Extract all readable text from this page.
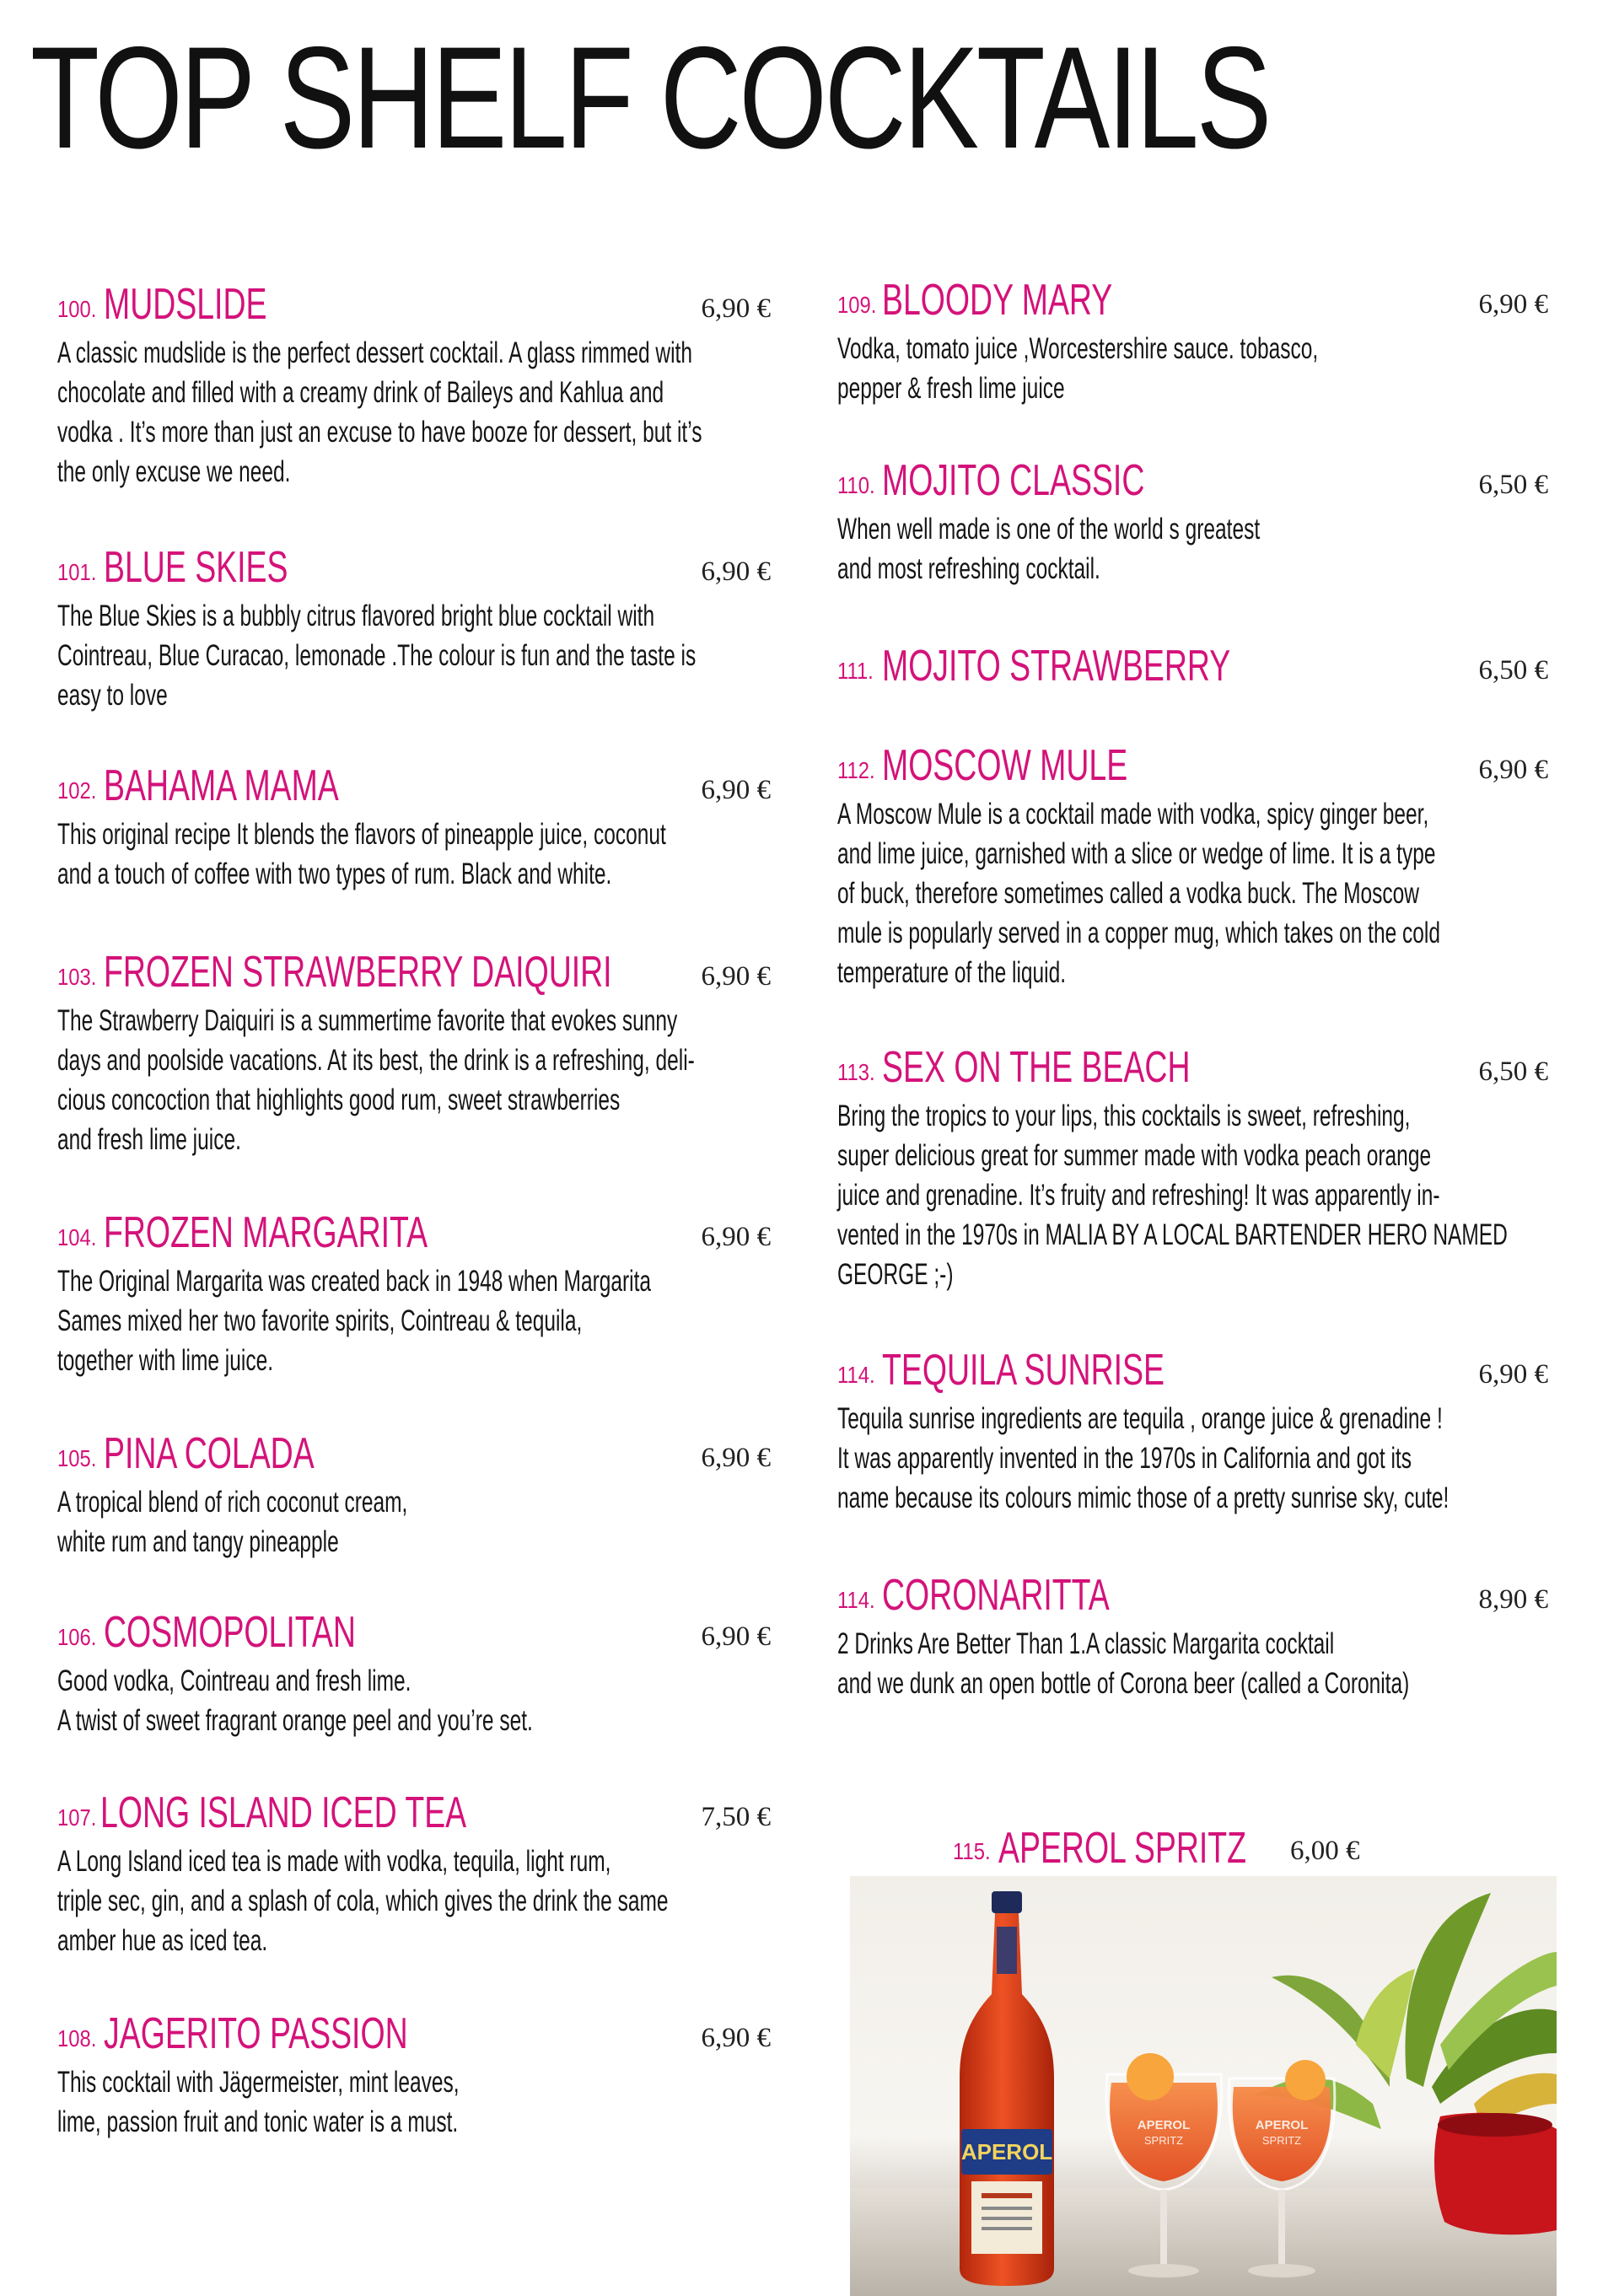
TOP SHELF COCKTAILS
100. MUDSLIDE	6,90 €
A classic mudslide is the perfect dessert cocktail. A glass rimmed with
chocolate and filled with a creamy drink of Baileys and Kahlua and
vodka . It’s more than just an excuse to have booze for dessert, but it’s
the only excuse we need.
101. BLUE SKIES	6,90 €
The Blue Skies is a bubbly citrus flavored bright blue cocktail with
Cointreau, Blue Curacao, lemonade .The colour is fun and the taste is
easy to love
102. BAHAMA MAMA	6,90 €
This original recipe It blends the flavors of pineapple juice, coconut
and a touch of coffee with two types of rum. Black and white.
103. FROZEN STRAWBERRY DAIQUIRI	6,90 €
The Strawberry Daiquiri is a summertime favorite that evokes sunny
days and poolside vacations. At its best, the drink is a refreshing, deli-
cious concoction that highlights good rum, sweet strawberries
and fresh lime juice.
104. FROZEN MARGARITA	6,90 €
The Original Margarita was created back in 1948 when Margarita
Sames mixed her two favorite spirits, Cointreau & tequila,
together with lime juice.
105. PINA COLADA	6,90 €
A tropical blend of rich coconut cream,
white rum and tangy pineapple
106. COSMOPOLITAN	6,90 €
Good vodka, Cointreau and fresh lime.
A twist of sweet fragrant orange peel and you’re set.
107. LONG ISLAND ICED TEA	7,50 €
A Long Island iced tea is made with vodka, tequila, light rum,
triple sec, gin, and a splash of cola, which gives the drink the same
amber hue as iced tea.
108. JAGERITO PASSION	6,90 €
This cocktail with Jägermeister, mint leaves,
lime, passion fruit and tonic water is a must.
109. BLOODY MARY	6,90 €
Vodka, tomato juice ,Worcestershire sauce. tobasco,
pepper & fresh lime juice
110. MOJITO CLASSIC	6,50 €
When well made is one of the world s greatest
and most refreshing cocktail.
111. MOJITO STRAWBERRY	6,50 €
112. MOSCOW MULE	6,90 €
A Moscow Mule is a cocktail made with vodka, spicy ginger beer,
and lime juice, garnished with a slice or wedge of lime. It is a type
of buck, therefore sometimes called a vodka buck. The Moscow
mule is popularly served in a copper mug, which takes on the cold
temperature of the liquid.
113. SEX ON THE BEACH	6,50 €
Bring the tropics to your lips, this cocktails is sweet, refreshing,
super delicious great for summer made with vodka peach orange
juice and grenadine. It’s fruity and refreshing! It was apparently in-
vented in the 1970s in MALIA BY A LOCAL BARTENDER HERO NAMED
GEORGE ;-)
114. TEQUILA SUNRISE	6,90 €
Tequila sunrise ingredients are tequila , orange juice & grenadine !
It was apparently invented in the 1970s in California and got its
name because its colours mimic those of a pretty sunrise sky, cute!
114. CORONARITTA	8,90 €
2 Drinks Are Better Than 1.A classic Margarita cocktail
and we dunk an open bottle of Corona beer (called a Coronita)
APEROL
APEROL
SPRITZ
APEROL
SPRITZ
115. APEROL SPRITZ 6,00 €
